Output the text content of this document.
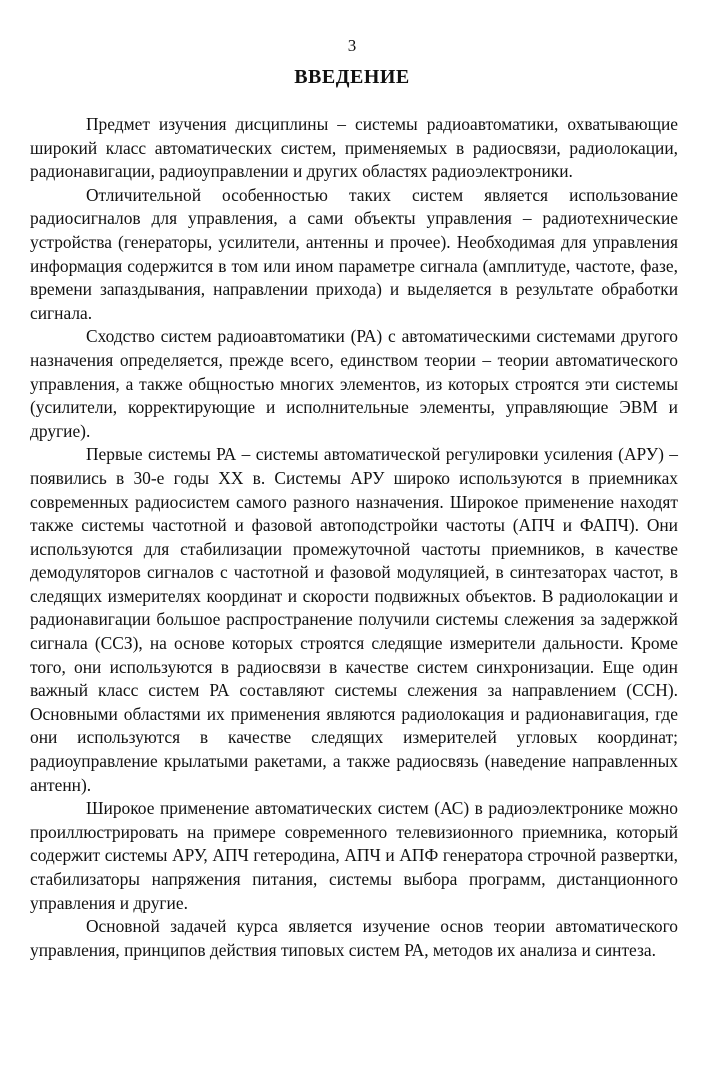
3
ВВЕДЕНИЕ

Предмет изучения дисциплины – системы радиоавтоматики, охватывающие широкий класс автоматических систем, применяемых в радиосвязи, радиолокации, радионавигации, радиоуправлении и других областях радиоэлектроники.

Отличительной особенностью таких систем является использование радиосигналов для управления, а сами объекты управления – радиотехнические устройства (генераторы, усилители, антенны и прочее). Необходимая для управления информация содержится в том или ином параметре сигнала (амплитуде, частоте, фазе, времени запаздывания, направлении прихода) и выделяется в результате обработки сигнала.

Сходство систем радиоавтоматики (РА) с автоматическими системами другого назначения определяется, прежде всего, единством теории – теории автоматического управления, а также общностью многих элементов, из которых строятся эти системы (усилители, корректирующие и исполнительные элементы, управляющие ЭВМ и другие).

Первые системы РА – системы автоматической регулировки усиления (АРУ) – появились в 30-е годы XX в. Системы АРУ широко используются в приемниках современных радиосистем самого разного назначения. Широкое применение находят также системы частотной и фазовой автоподстройки частоты (АПЧ и ФАПЧ). Они используются для стабилизации промежуточной частоты приемников, в качестве демодуляторов сигналов с частотной и фазовой модуляцией, в синтезаторах частот, в следящих измерителях координат и скорости подвижных объектов. В радиолокации и радионавигации большое распространение получили системы слежения за задержкой сигнала (ССЗ), на основе которых строятся следящие измерители дальности. Кроме того, они используются в радиосвязи в качестве систем синхронизации. Еще один важный класс систем РА составляют системы слежения за направлением (ССН). Основными областями их применения являются радиолокация и радионавигация, где они используются в качестве следящих измерителей угловых координат; радиоуправление крылатыми ракетами, а также радиосвязь (наведение направленных антенн).

Широкое применение автоматических систем (АС) в радиоэлектронике можно проиллюстрировать на примере современного телевизионного приемника, который содержит системы АРУ, АПЧ гетеродина, АПЧ и АПФ генератора строчной развертки, стабилизаторы напряжения питания, системы выбора программ, дистанционного управления и другие.

Основной задачей курса является изучение основ теории автоматического управления, принципов действия типовых систем РА, методов их анализа и синтеза.
